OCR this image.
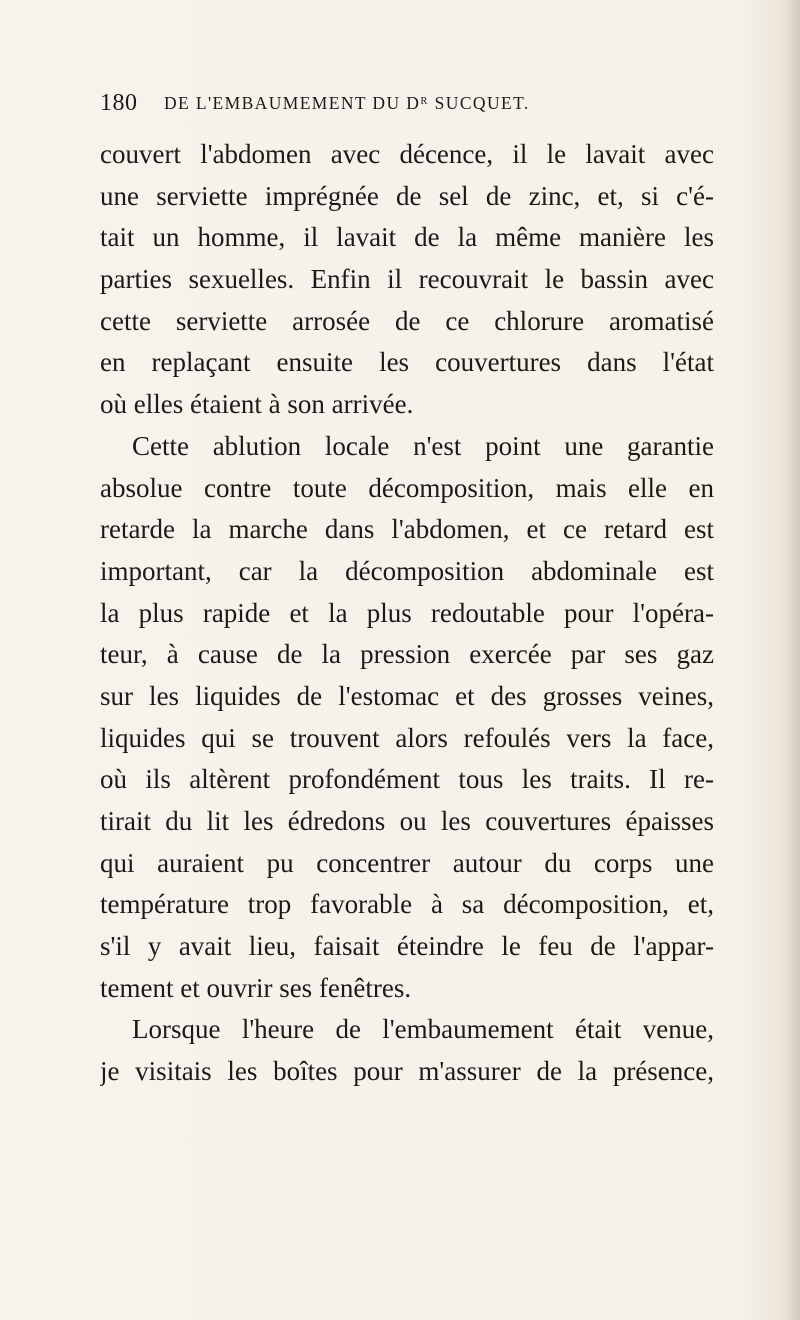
180 DE L'EMBAUMEMENT DU Dᴿ SUCQUET.
couvert l'abdomen avec décence, il le lavait avec
une serviette imprégnée de sel de zinc, et, si c'é-
tait un homme, il lavait de la même manière les
parties sexuelles. Enfin il recouvrait le bassin avec
cette serviette arrosée de ce chlorure aromatisé
en replaçant ensuite les couvertures dans l'état
où elles étaient à son arrivée.
Cette ablution locale n'est point une garantie
absolue contre toute décomposition, mais elle en
retarde la marche dans l'abdomen, et ce retard est
important, car la décomposition abdominale est
la plus rapide et la plus redoutable pour l'opéra-
teur, à cause de la pression exercée par ses gaz
sur les liquides de l'estomac et des grosses veines,
liquides qui se trouvent alors refoulés vers la face,
où ils altèrent profondément tous les traits. Il re-
tirait du lit les édredons ou les couvertures épaisses
qui auraient pu concentrer autour du corps une
température trop favorable à sa décomposition, et,
s'il y avait lieu, faisait éteindre le feu de l'appar-
tement et ouvrir ses fenêtres.
Lorsque l'heure de l'embaumement était venue,
je visitais les boîtes pour m'assurer de la présence,
